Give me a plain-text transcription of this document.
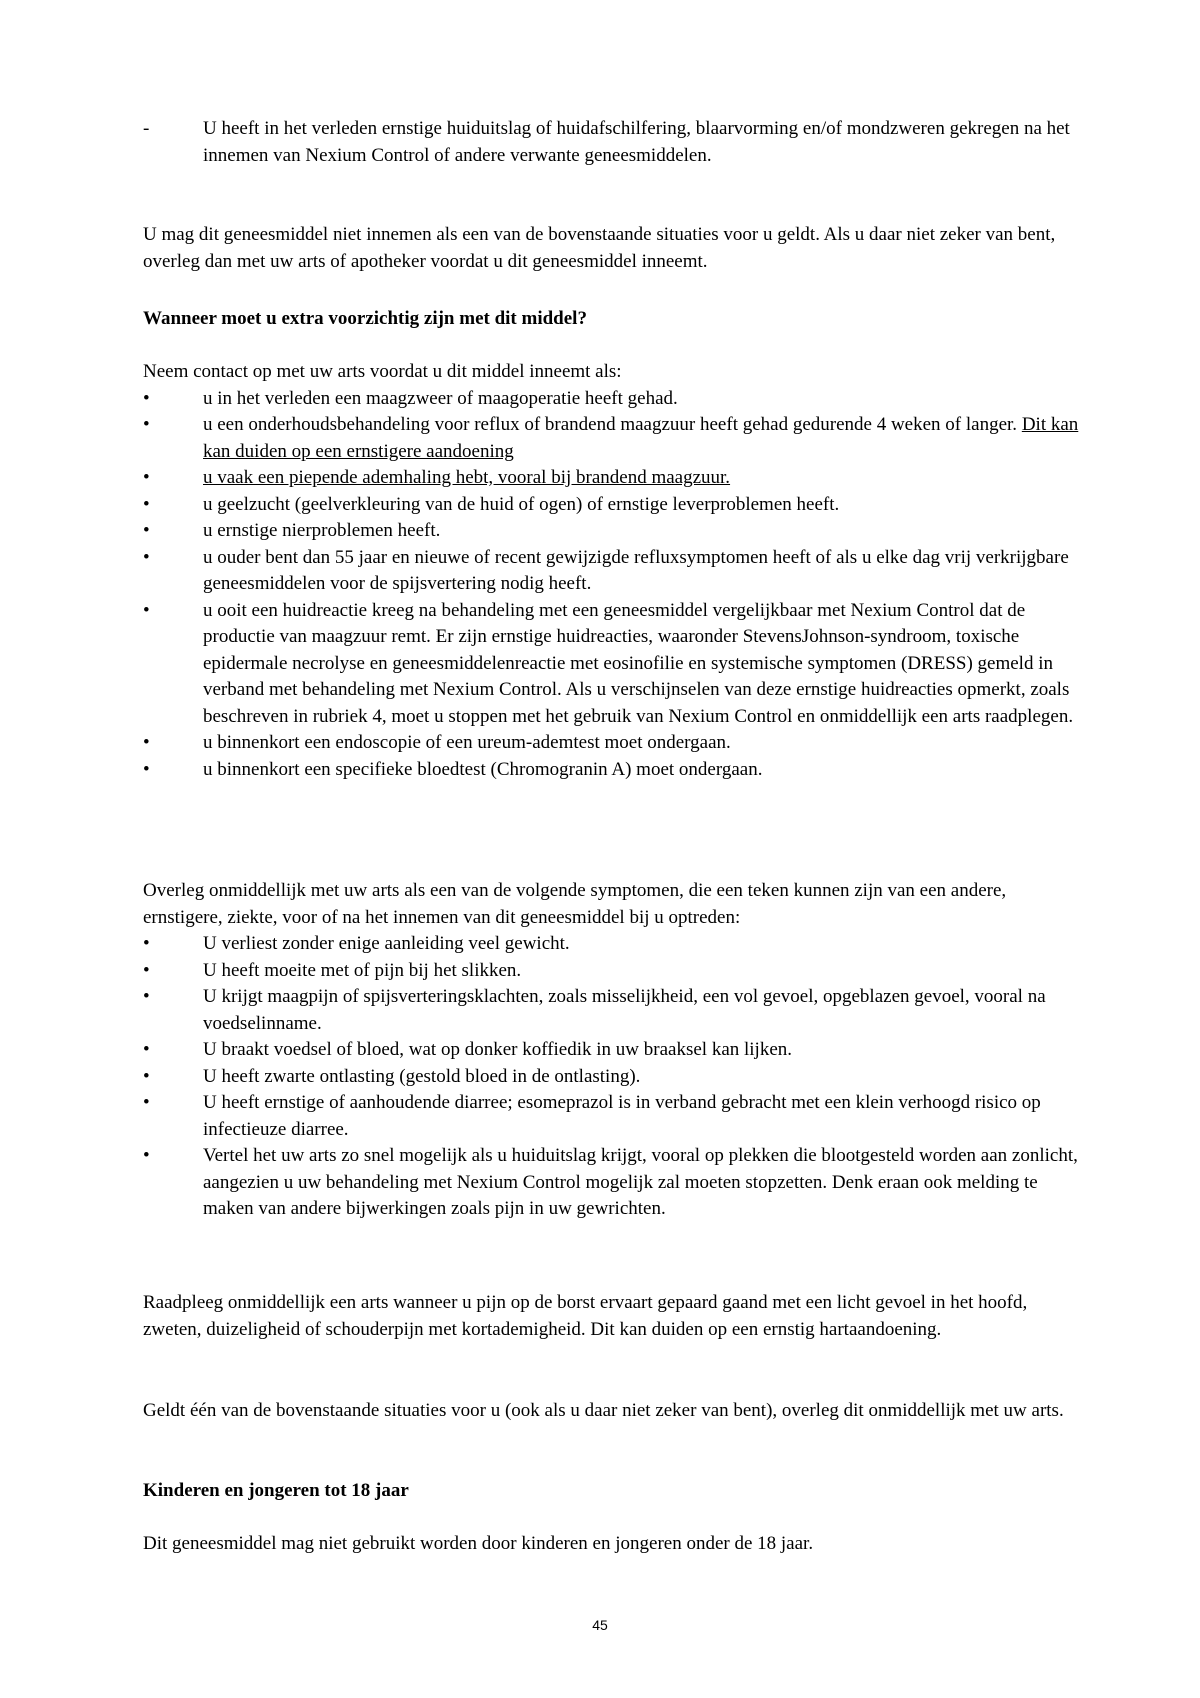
-	U heeft in het verleden ernstige huiduitslag of huidafschilfering, blaarvorming en/of mondzweren gekregen na het innemen van Nexium Control of andere verwante geneesmiddelen.

U mag dit geneesmiddel niet innemen als een van de bovenstaande situaties voor u geldt. Als u daar niet zeker van bent, overleg dan met uw arts of apotheker voordat u dit geneesmiddel inneemt.

Wanneer moet u extra voorzichtig zijn met dit middel?

Neem contact op met uw arts voordat u dit middel inneemt als:
•	u in het verleden een maagzweer of maagoperatie heeft gehad.
•	u een onderhoudsbehandeling voor reflux of brandend maagzuur heeft gehad gedurende 4 weken of langer. Dit kan kan duiden op een ernstigere aandoening
•	u vaak een piepende ademhaling hebt, vooral bij brandend maagzuur.
•	u geelzucht (geelverkleuring van de huid of ogen) of ernstige leverproblemen heeft.
•	u ernstige nierproblemen heeft.
•	u ouder bent dan 55 jaar en nieuwe of recent gewijzigde refluxsymptomen heeft of als u elke dag vrij verkrijgbare geneesmiddelen voor de spijsvertering nodig heeft.
•	u ooit een huidreactie kreeg na behandeling met een geneesmiddel vergelijkbaar met Nexium Control dat de productie van maagzuur remt. Er zijn ernstige huidreacties, waaronder StevensJohnson-syndroom, toxische epidermale necrolyse en geneesmiddelenreactie met eosinofilie en systemische symptomen (DRESS) gemeld in verband met behandeling met Nexium Control. Als u verschijnselen van deze ernstige huidreacties opmerkt, zoals beschreven in rubriek 4, moet u stoppen met het gebruik van Nexium Control en onmiddellijk een arts raadplegen.
•	u binnenkort een endoscopie of een ureum-ademtest moet ondergaan.
•	u binnenkort een specifieke bloedtest (Chromogranin A) moet ondergaan.
Overleg onmiddellijk met uw arts als een van de volgende symptomen, die een teken kunnen zijn van een andere, ernstigere, ziekte, voor of na het innemen van dit geneesmiddel bij u optreden:
•	U verliest zonder enige aanleiding veel gewicht.
•	U heeft moeite met of pijn bij het slikken.
•	U krijgt maagpijn of spijsverteringsklachten, zoals misselijkheid, een vol gevoel, opgeblazen gevoel, vooral na voedselinname.
•	U braakt voedsel of bloed, wat op donker koffiedik in uw braaksel kan lijken.
•	U heeft zwarte ontlasting (gestold bloed in de ontlasting).
•	U heeft ernstige of aanhoudende diarree; esomeprazol is in verband gebracht met een klein verhoogd risico op infectieuze diarree.
•	Vertel het uw arts zo snel mogelijk als u huiduitslag krijgt, vooral op plekken die blootgesteld worden aan zonlicht, aangezien u uw behandeling met Nexium Control mogelijk zal moeten stopzetten. Denk eraan ook melding te maken van andere bijwerkingen zoals pijn in uw gewrichten.

Raadpleeg onmiddellijk een arts wanneer u pijn op de borst ervaart gepaard gaand met een licht gevoel in het hoofd, zweten, duizeligheid of schouderpijn met kortademigheid. Dit kan duiden op een ernstig hartaandoening.

Geldt één van de bovenstaande situaties voor u (ook als u daar niet zeker van bent), overleg dit onmiddellijk met uw arts.

Kinderen en jongeren tot 18 jaar

Dit geneesmiddel mag niet gebruikt worden door kinderen en jongeren onder de 18 jaar.

45
